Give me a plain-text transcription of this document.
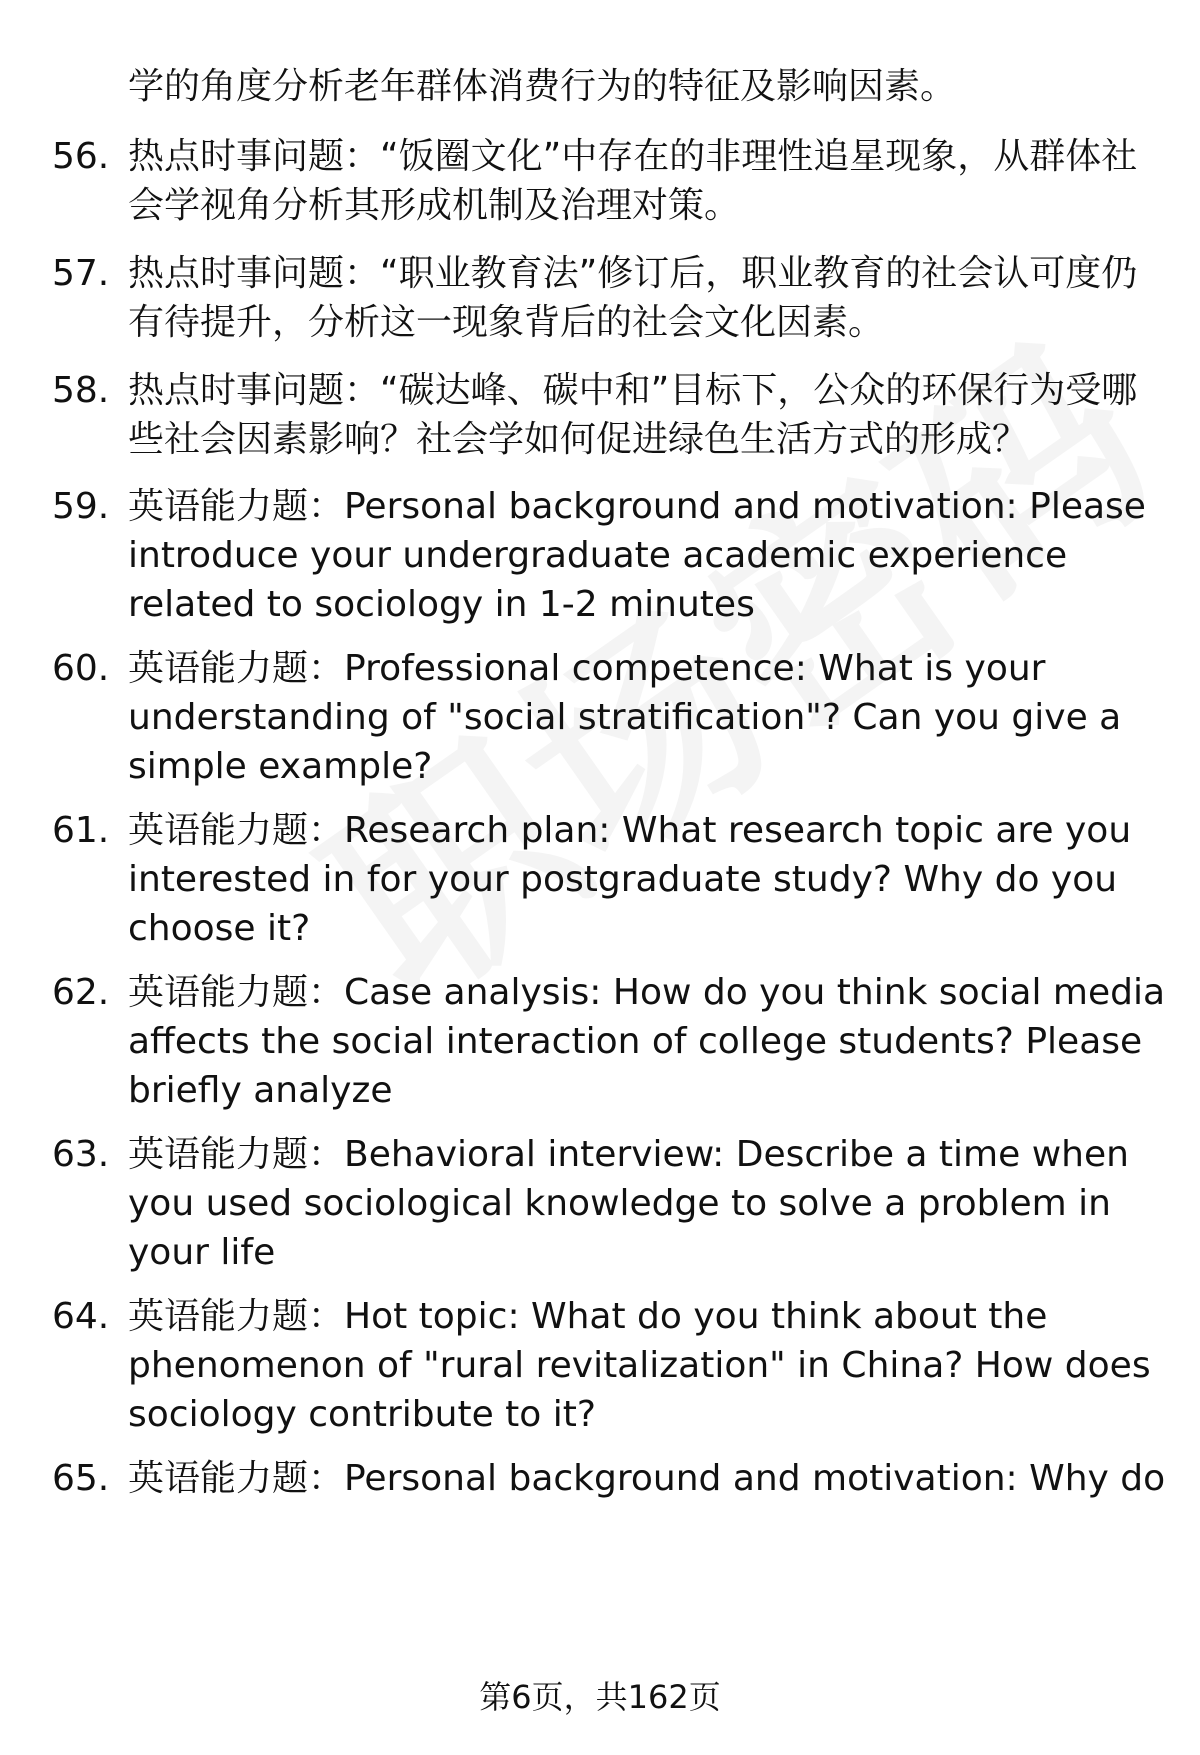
学的角度分析老年群体消费行为的特征及影响因素。

56. 热点时事问题：“饭圈文化”中存在的非理性追星现象，从群体社会学视角分析其形成机制及治理对策。

57. 热点时事问题：“职业教育法”修订后，职业教育的社会认可度仍有待提升，分析这一现象背后的社会文化因素。

58. 热点时事问题：“碳达峰、碳中和”目标下，公众的环保行为受哪些社会因素影响？社会学如何促进绿色生活方式的形成？

59. 英语能力题：Personal background and motivation: Please introduce your undergraduate academic experience related to sociology in 1-2 minutes

60. 英语能力题：Professional competence: What is your understanding of "social stratification"? Can you give a simple example?

61. 英语能力题：Research plan: What research topic are you interested in for your postgraduate study? Why do you choose it?

62. 英语能力题：Case analysis: How do you think social media affects the social interaction of college students? Please briefly analyze

63. 英语能力题：Behavioral interview: Describe a time when you used sociological knowledge to solve a problem in your life

64. 英语能力题：Hot topic: What do you think about the phenomenon of "rural revitalization" in China? How does sociology contribute to it?

65. 英语能力题：Personal background and motivation: Why do

第6页，共162页
